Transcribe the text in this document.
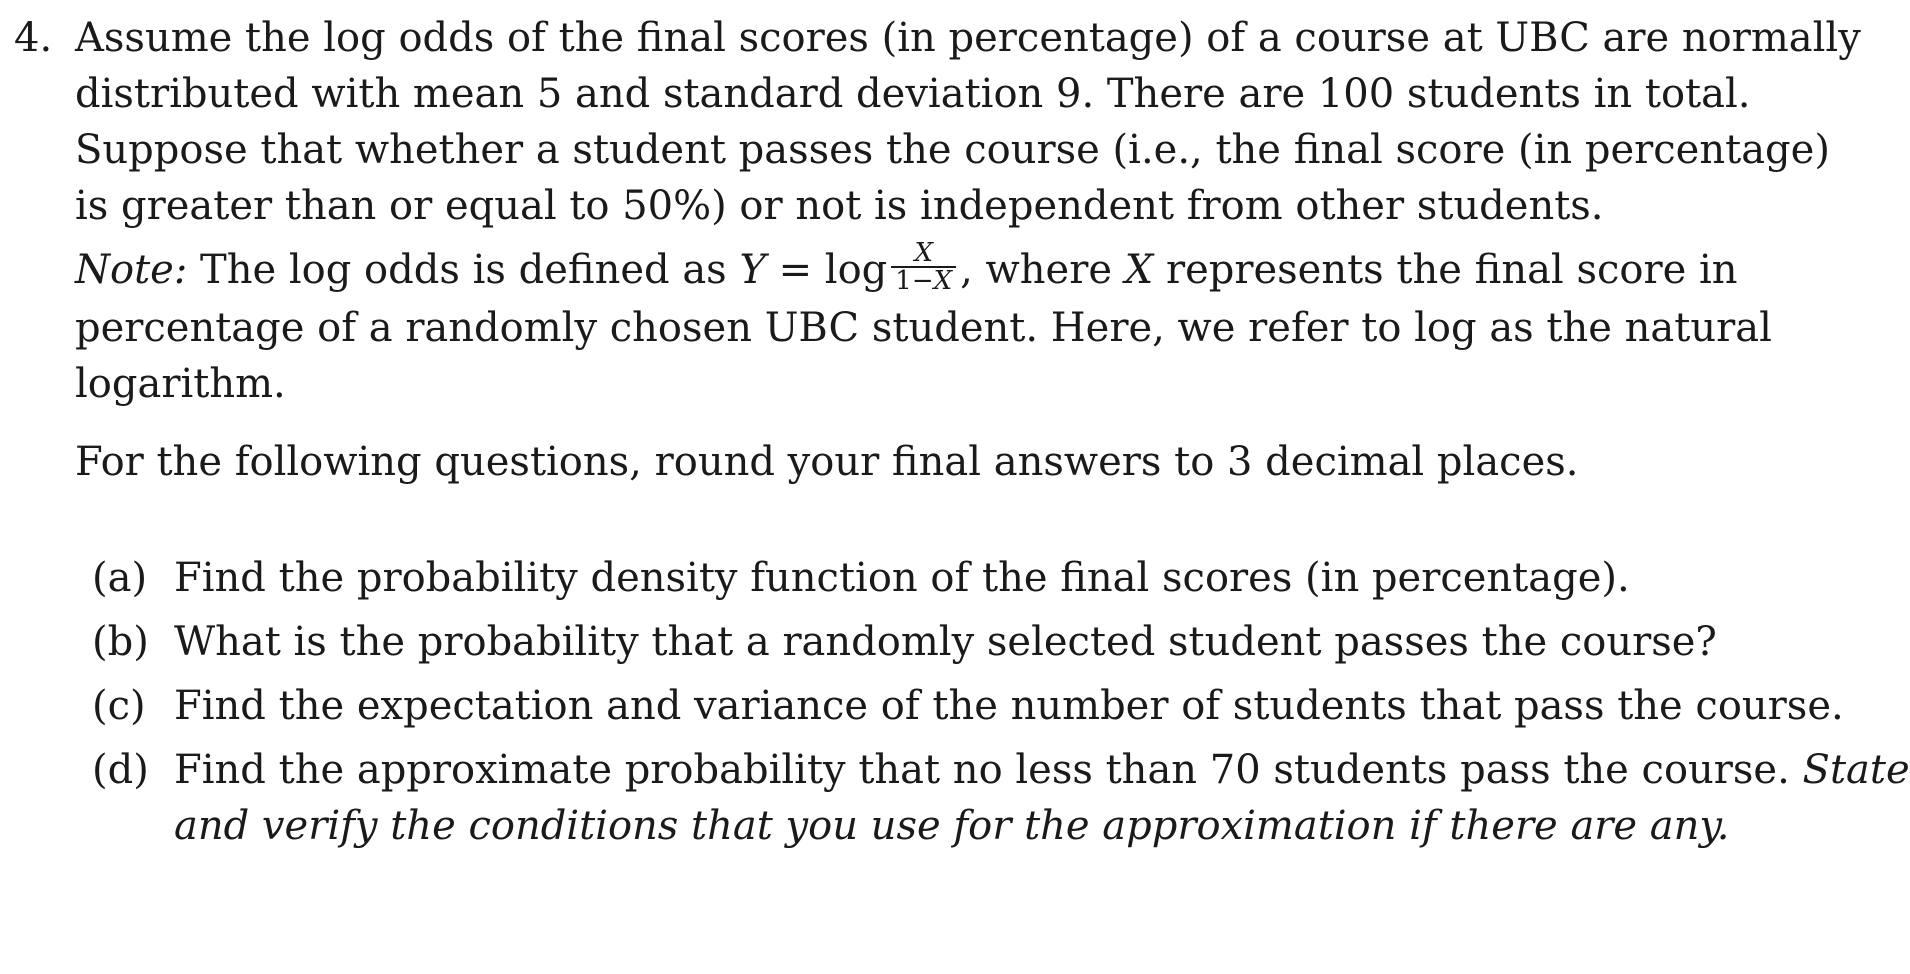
4. Assume the log odds of the final scores (in percentage) of a course at UBC are normally
distributed with mean 5 and standard deviation 9. There are 100 students in total.
Suppose that whether a student passes the course (i.e., the final score (in percentage)
is greater than or equal to 50%) or not is independent from other students.

Note: The log odds is defined as $Y = \log \frac{X}{1-X}$ , where X represents the final score in
percentage of a randomly chosen UBC student. Here, we refer to log as the natural
logarithm.

For the following questions, round your final answers to 3 decimal places.

(a) Find the probability density function of the final scores (in percentage).
(b) What is the probability that a randomly selected student passes the course?
(c) Find the expectation and variance of the number of students that pass the course.
(d) Find the approximate probability that no less than 70 students pass the course. State
and verify the conditions that you use for the approximation if there are any.
